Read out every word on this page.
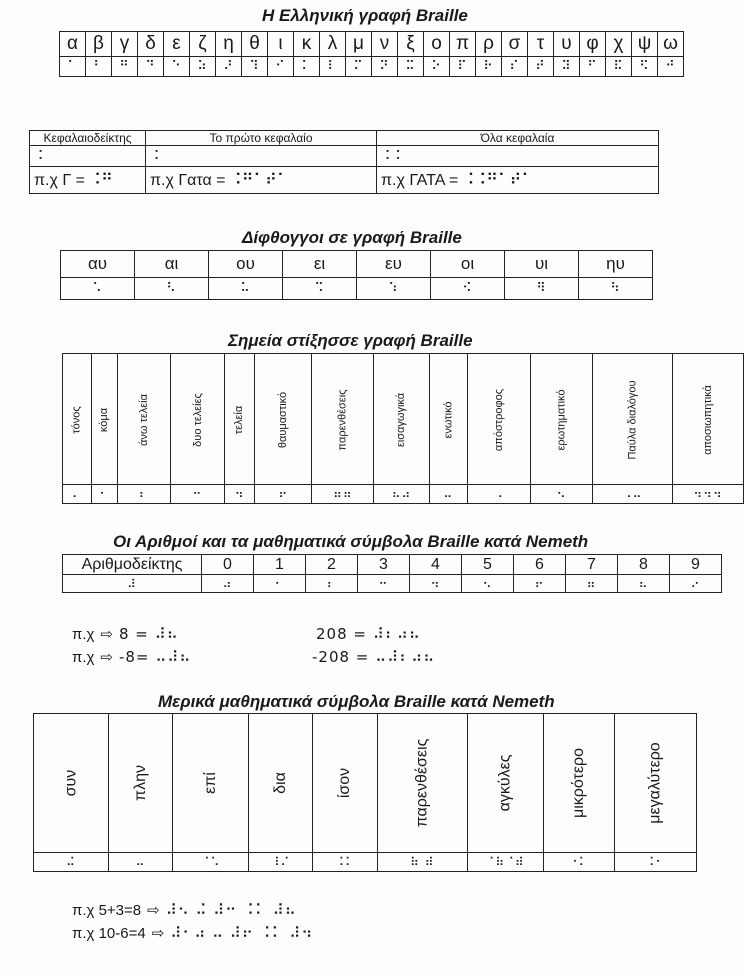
Η Ελληνική γραφή Braille
α	β	γ	δ	ε	ζ	η	θ	ι	κ	λ	μ	ν	ξ	ο	π	ρ	σ	τ	υ	φ	χ	ψ	ω
⠁	⠃	⠛	⠙	⠑	⠵	⠜	⠹	⠊	⠅	⠇	⠍	⠝	⠭	⠕	⠏	⠗	⠎	⠞	⠽	⠋	⠯	⠫	⠚
Κεφαλαιοδείκτης	Το πρώτο κεφαλαίο	Όλα κεφαλαία
⠨	⠨	⠨⠨
π.χ Γ = ⠨⠛	π.χ Γατα = ⠨⠛⠁⠞⠁	π.χ ΓΑΤΑ = ⠨⠨⠛⠁⠞⠁
Δίφθογγοι σε γραφή Braille
αυ	αι	ου	ει	ευ	οι	υι	ηυ
⠡	⠣	⠥	⠩	⠱	⠪	⠻	⠳
Σημεία στίξησσε γραφή Braille
τόνος	κόμα	άνω τελεία	δυο τελείες	τελεία	θαυμαστικό	παρενθέσεις	εισαγωγικά	ενωτικό	απόστροφος	ερωτηματικό	Παύλα διαλόγου	αποσιωπητικά
⠄	⠂	⠆	⠒	⠲	⠖	⠶⠶	⠦⠴	⠤	⠠	⠢	⠠⠤	⠲⠲⠲
Οι Αριθμοί και τα μαθηματικά σύμβολα Braille κατά Nemeth
Αριθμοδείκτης	0	1	2	3	4	5	6	7	8	9
⠼	⠴	⠂	⠆	⠒	⠲	⠢	⠖	⠶	⠦	⠔
π.χ ⇨ 8 = ⠼⠦
π.χ ⇨ -8= ⠤⠼⠦
208 = ⠼⠆⠴⠦
-208 = ⠤⠼⠆⠴⠦
Μερικά μαθηματικά σύμβολα Braille κατά Nemeth
συν	πλην	επί	δια	ίσον	παρενθέσεις	αγκύλες	μικρότερο	μεγαλύτερο
⠬	⠤	⠈⠡	⠸⠌	⠨⠅	⠷ ⠾	⠈⠷⠈⠾	⠐⠅	⠨⠂
π.χ 5+3=8 ⇨ ⠼⠢ ⠬ ⠼⠒ ⠨⠅ ⠼⠦
π.χ 10-6=4 ⇨ ⠼⠂⠴ ⠤ ⠼⠖ ⠨⠅ ⠼⠲
